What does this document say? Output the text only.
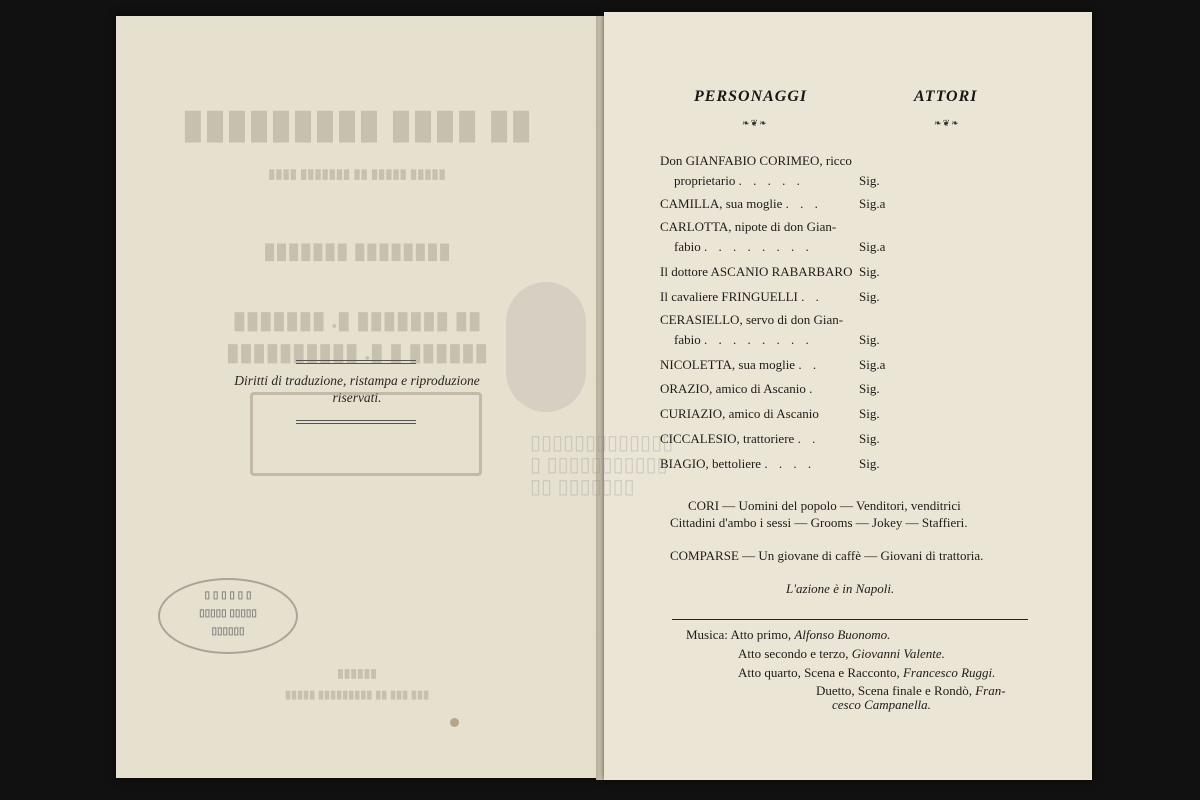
▮▮ ▮▮▮▮ ▮▮▮▮▮▮▮▮▮
▮▮▮▮▮ ▮▮▮▮▮ ▮▮ ▮▮▮▮▮▮▮ ▮▮▮▮
▮▮▮▮▮▮▮▮ ▮▮▮▮▮▮▮
▮▮ ▮▮▮▮▮▮▮ ▮. ▮▮▮▮▮▮▮
▮▮▮▮▮▮ ▮ ▮. ▮▮▮▮▮▮▮▮▮▮
▮▮▮▮▮▮
▮▮▮ ▮▮▮ ▮▮ ▮▮▮▮▮▮▮▮▮ ▮▮▮▮▮
Diritti di traduzione, ristampa e riproduzione
riservati.
▯ ▯ ▯ ▯ ▯ ▯
▯▯▯▯▯ ▯▯▯▯▯
▯▯▯▯▯▯
▯▯▯▯▯▯▯▯▯▯▯▯▯
▯ ▯▯▯▯▯▯▯▯▯▯▯
▯▯ ▯▯▯▯▯▯▯
PERSONAGGI	ATTORI
❧❦❧	❧❦❧
Don GIANFABIO CORIMEO, ricco
proprietario . . . . .	Sig.
CAMILLA, sua moglie . . .	Sig.a
CARLOTTA, nipote di don Gian-
fabio . . . . . . . .	Sig.a
Il dottore ASCANIO RABARBARO Sig.
Il cavaliere FRINGUELLI . .	Sig.
CERASIELLO, servo di don Gian-
fabio . . . . . . . .	Sig.
NICOLETTA, sua moglie . .	Sig.a
ORAZIO, amico di Ascanio .	Sig.
CURIAZIO, amico di Ascanio	Sig.
CICCALESIO, trattoriere . .	Sig.
BIAGIO, bettoliere . . . .	Sig.
CORI — Uomini del popolo — Venditori, venditrici
Cittadini d'ambo i sessi — Grooms — Jokey — Staffieri.
COMPARSE — Un giovane di caffè — Giovani di trattoria.
L'azione è in Napoli.
Musica: Atto primo, Alfonso Buonomo.
Atto secondo e terzo, Giovanni Valente.
Atto quarto, Scena e Racconto, Francesco Ruggi.
Duetto, Scena finale e Rondò, Fran-
cesco Campanella.
